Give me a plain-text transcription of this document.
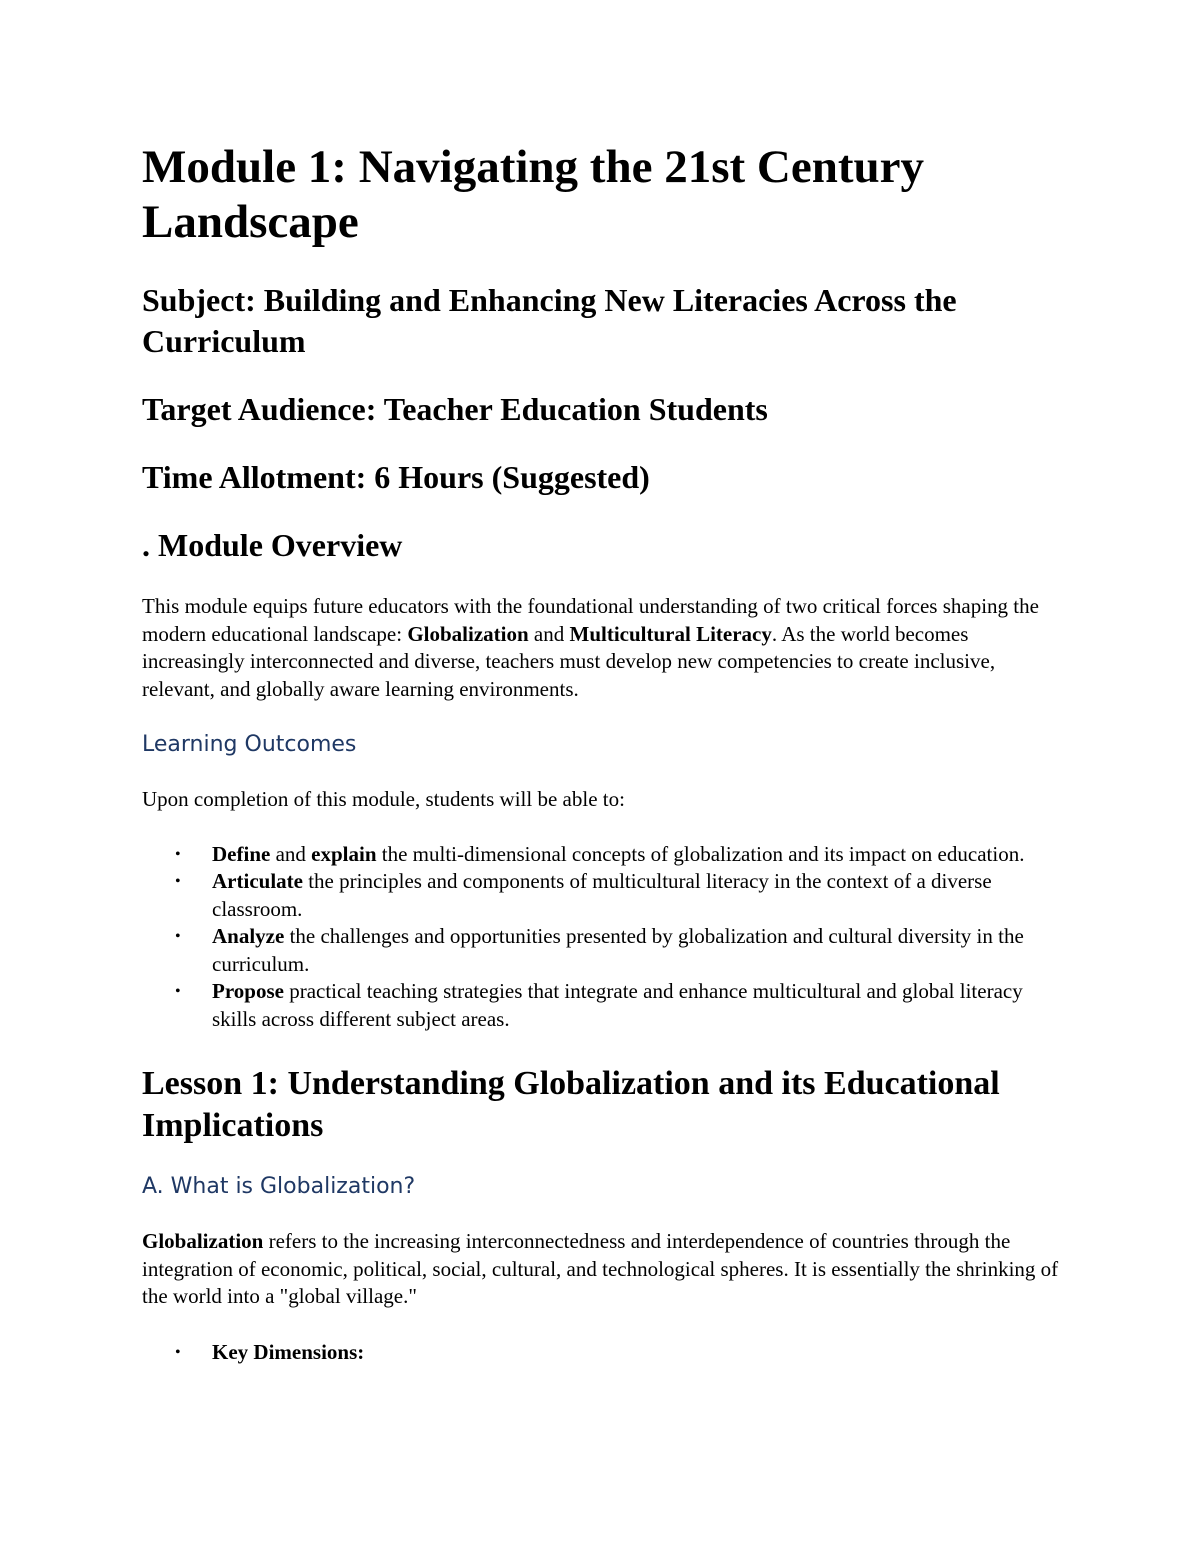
Module 1: Navigating the 21st Century Landscape
Subject: Building and Enhancing New Literacies Across the Curriculum
Target Audience: Teacher Education Students
Time Allotment: 6 Hours (Suggested)
. Module Overview

This module equips future educators with the foundational understanding of two critical forces shaping the modern educational landscape: Globalization and Multicultural Literacy. As the world becomes increasingly interconnected and diverse, teachers must develop new competencies to create inclusive, relevant, and globally aware learning environments.

Learning Outcomes

Upon completion of this module, students will be able to:

• Define and explain the multi-dimensional concepts of globalization and its impact on education.
• Articulate the principles and components of multicultural literacy in the context of a diverse classroom.
• Analyze the challenges and opportunities presented by globalization and cultural diversity in the curriculum.
• Propose practical teaching strategies that integrate and enhance multicultural and global literacy skills across different subject areas.
Lesson 1: Understanding Globalization and its Educational Implications
A. What is Globalization?

Globalization refers to the increasing interconnectedness and interdependence of countries through the integration of economic, political, social, cultural, and technological spheres. It is essentially the shrinking of the world into a "global village."

• Key Dimensions:
